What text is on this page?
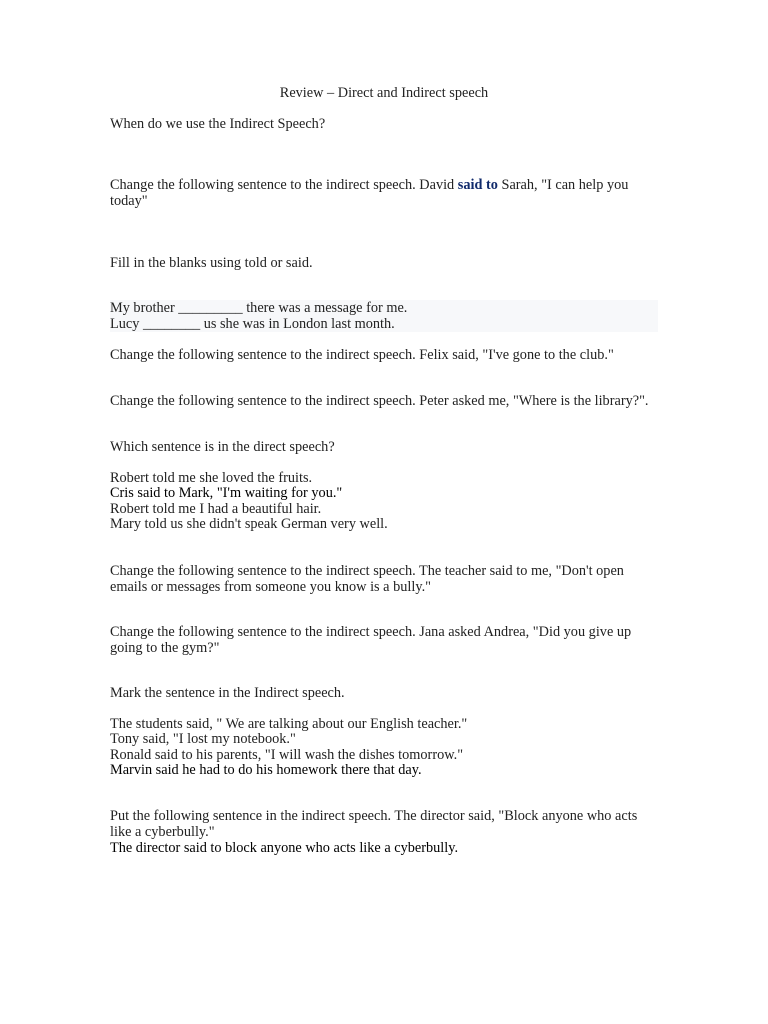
Review – Direct and Indirect speech
When do we use the Indirect Speech?
Change the following sentence to the indirect speech. David said to Sarah, "I can help you today"
Fill in the blanks using told or said.
My brother _________ there was a message for me.
Lucy ________ us she was in London last month.
Change the following sentence to the indirect speech. Felix said, "I've gone to the club."
Change the following sentence to the indirect speech. Peter asked me, "Where is the library?".
Which sentence is in the direct speech?
Robert told me she loved the fruits.
Cris said to Mark, "I'm waiting for you."
Robert told me I had a beautiful hair.
Mary told us she didn't speak German very well.
Change the following sentence to the indirect speech. The teacher said to me, "Don't open emails or messages from someone you know is a bully."
Change the following sentence to the indirect speech. Jana asked Andrea, "Did you give up going to the gym?"
Mark the sentence in the Indirect speech.
The students said, " We are talking about our English teacher."
Tony said, "I lost my notebook."
Ronald said to his parents, "I will wash the dishes tomorrow."
Marvin said he had to do his homework there that day.
Put the following sentence in the indirect speech. The director said, "Block anyone who acts like a cyberbully."
The director said to block anyone who acts like a cyberbully.
